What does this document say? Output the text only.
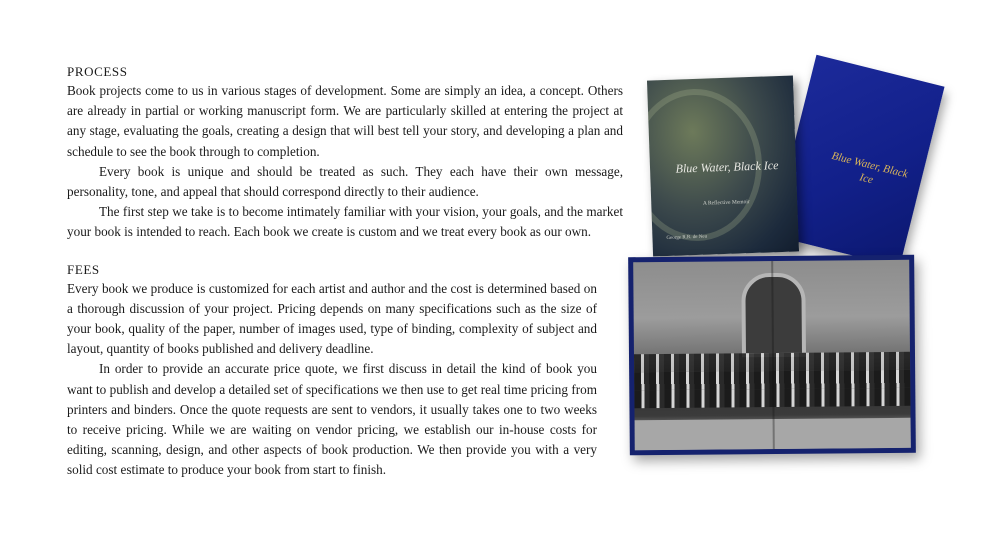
PROCESS

Book projects come to us in various stages of development. Some are simply an idea, a concept. Others are already in partial or working manuscript form. We are particularly skilled at entering the project at any stage, evaluating the goals, creating a design that will best tell your story, and developing a plan and schedule to see the book through to completion.

Every book is unique and should be treated as such. They each have their own message, personality, tone, and appeal that should correspond directly to their audience.

The first step we take is to become intimately familiar with your vision, your goals, and the market your book is intended to reach. Each book we create is custom and we treat every book as our own.

FEES

Every book we produce is customized for each artist and author and the cost is determined based on a thorough discussion of your project. Pricing depends on many specifications such as the size of your book, quality of the paper, number of images used, type of binding, complexity of subject and layout, quantity of books published and delivery deadline.

In order to provide an accurate price quote, we first discuss in detail the kind of book you want to publish and develop a detailed set of specifications we then use to get real time pricing from printers and binders. Once the quote requests are sent to vendors, it usually takes one to two weeks to receive pricing. While we are waiting on vendor pricing, we establish our in-house costs for editing, scanning, design, and other aspects of book production. We then provide you with a very solid cost estimate to produce your book from start to finish.

Blue Water, Black Ice
Blue Water, Black Ice
A Reflective Memoir
George R.R. de Neu
